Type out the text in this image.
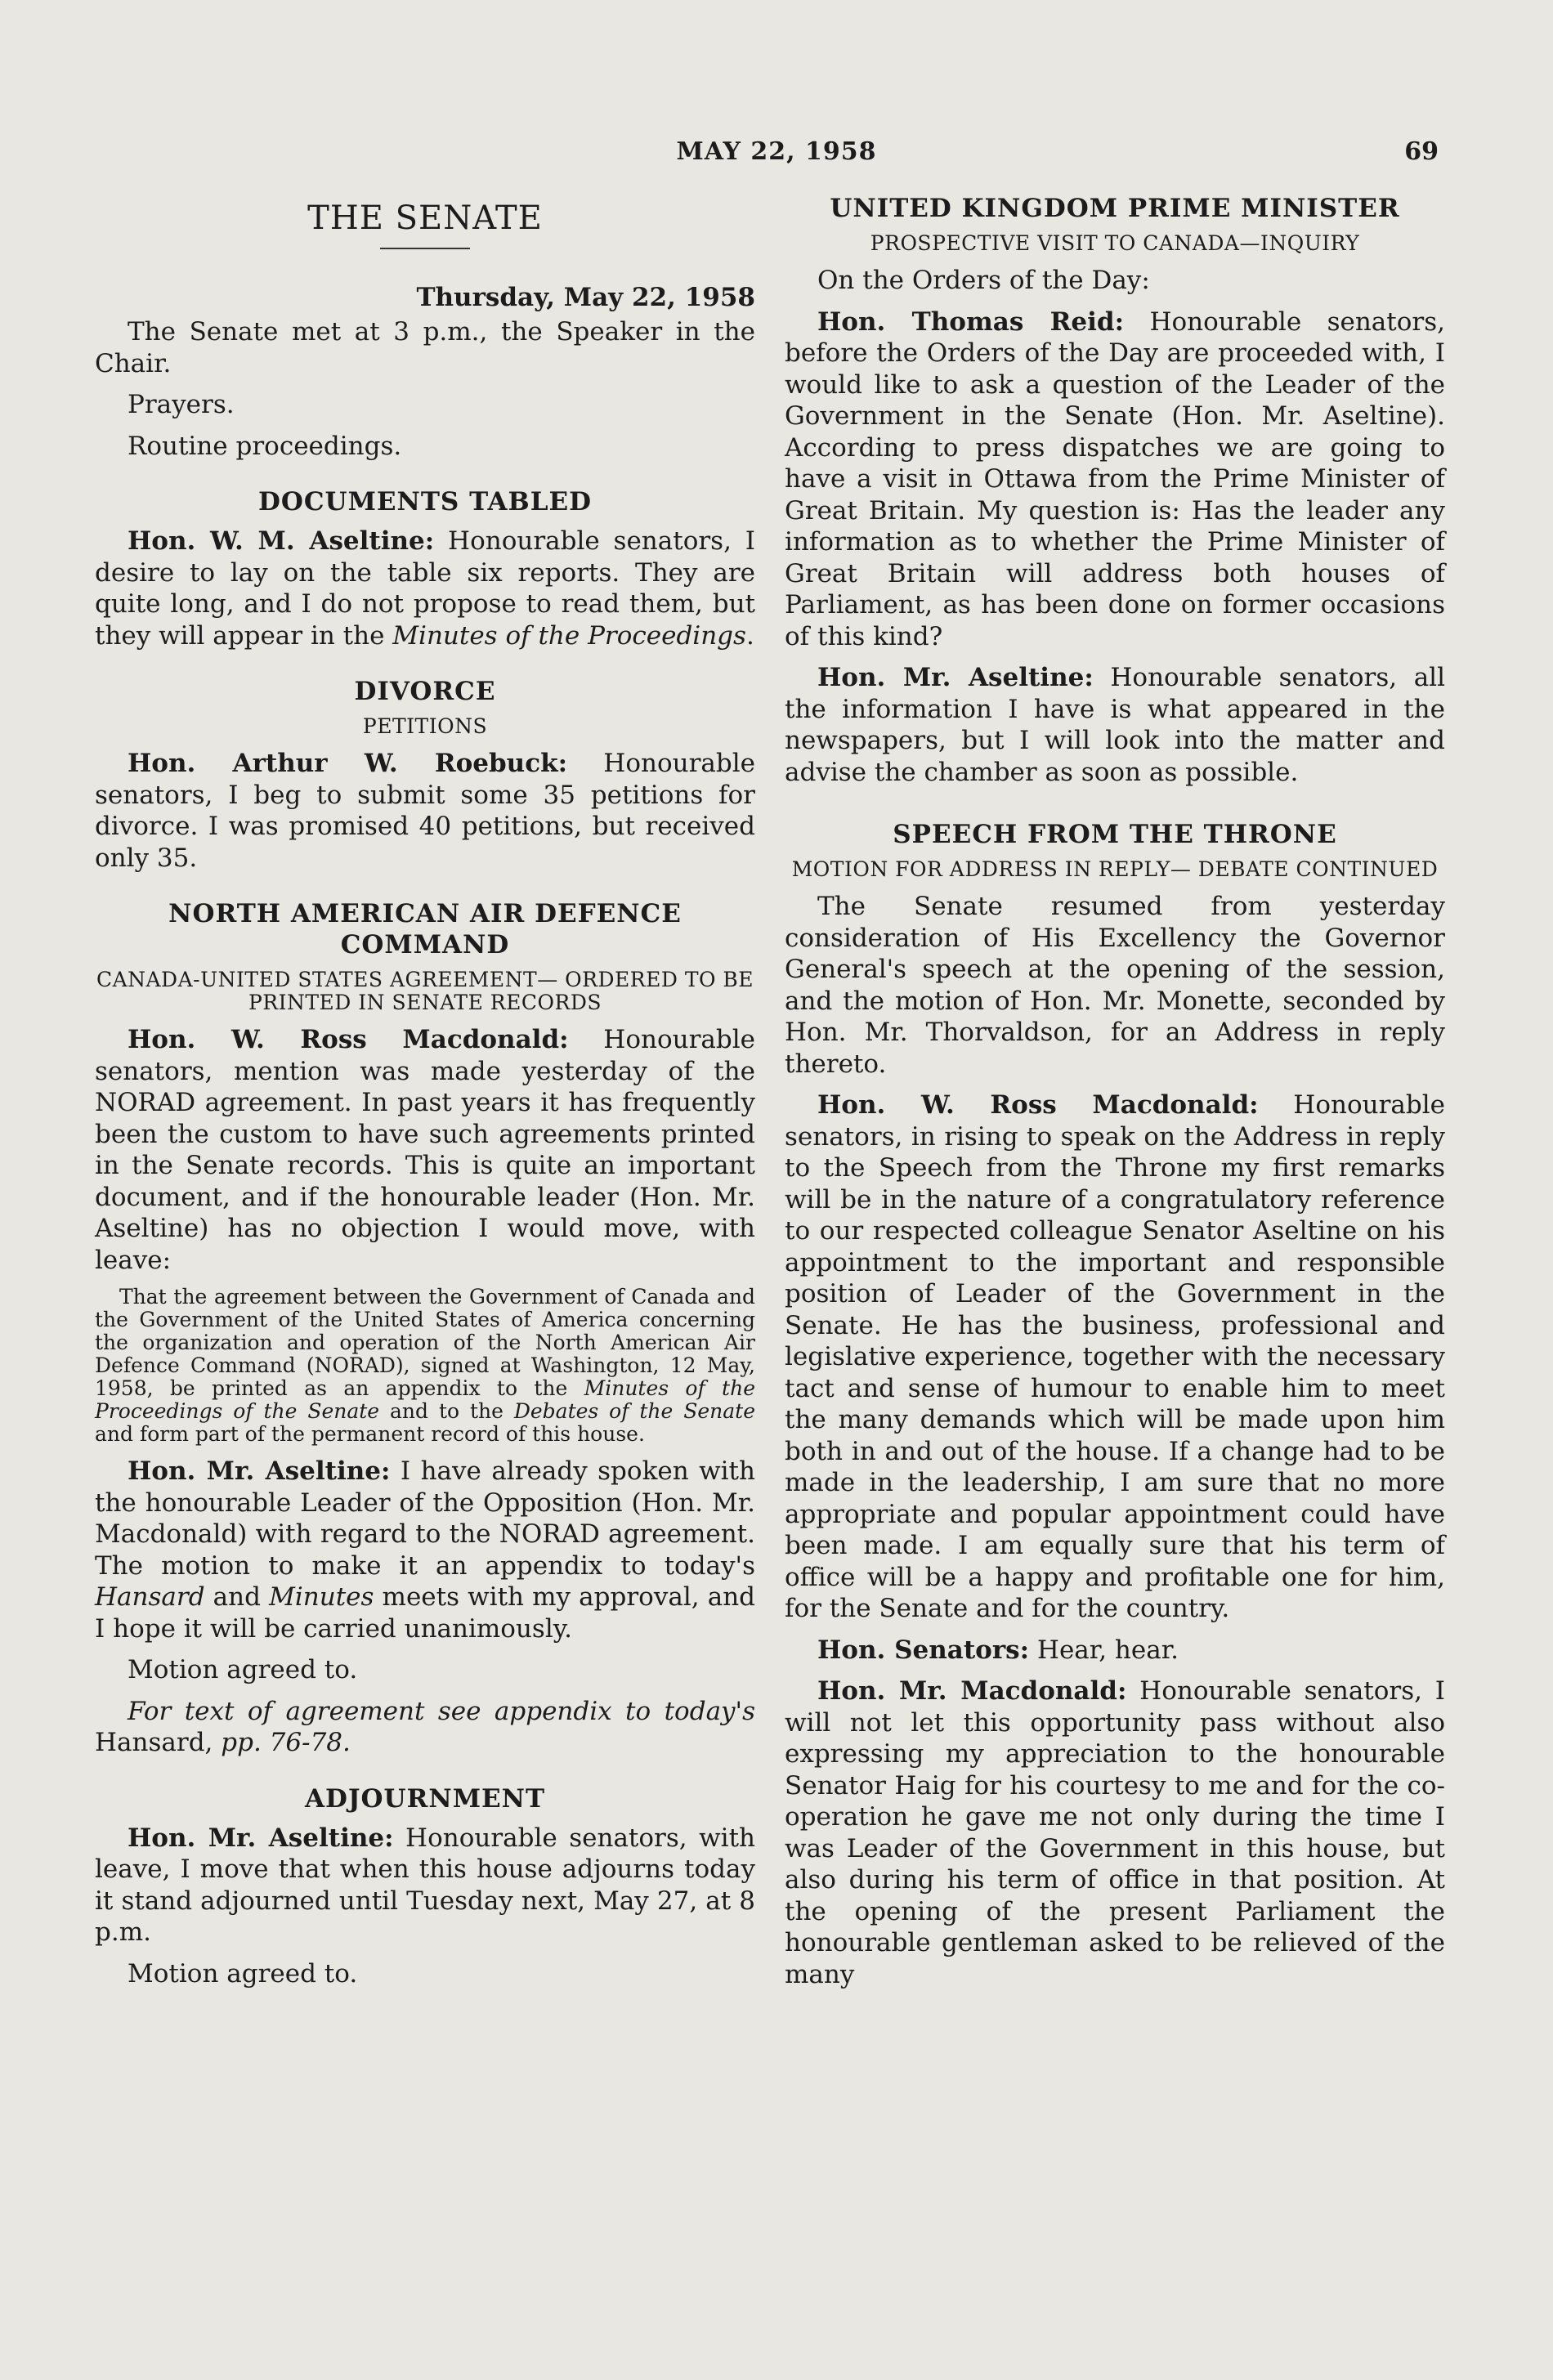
MAY 22, 1958	69
THE SENATE
Thursday, May 22, 1958

The Senate met at 3 p.m., the Speaker in the Chair.

Prayers.

Routine proceedings.

DOCUMENTS TABLED

Hon. W. M. Aseltine: Honourable senators, I desire to lay on the table six reports. They are quite long, and I do not propose to read them, but they will appear in the Minutes of the Proceedings.

DIVORCE
PETITIONS

Hon. Arthur W. Roebuck: Honourable senators, I beg to submit some 35 petitions for divorce. I was promised 40 petitions, but received only 35.

NORTH AMERICAN AIR DEFENCE COMMAND
CANADA-UNITED STATES AGREEMENT— ORDERED TO BE PRINTED IN SENATE RECORDS

Hon. W. Ross Macdonald: Honourable senators, mention was made yesterday of the NORAD agreement. In past years it has frequently been the custom to have such agreements printed in the Senate records. This is quite an important document, and if the honourable leader (Hon. Mr. Aseltine) has no objection I would move, with leave:

That the agreement between the Government of Canada and the Government of the United States of America concerning the organization and operation of the North American Air Defence Command (NORAD), signed at Washington, 12 May, 1958, be printed as an appendix to the Minutes of the Proceedings of the Senate and to the Debates of the Senate and form part of the permanent record of this house.

Hon. Mr. Aseltine: I have already spoken with the honourable Leader of the Opposition (Hon. Mr. Macdonald) with regard to the NORAD agreement. The motion to make it an appendix to today's Hansard and Minutes meets with my approval, and I hope it will be carried unanimously.

Motion agreed to.

For text of agreement see appendix to today's Hansard, pp. 76-78.

ADJOURNMENT

Hon. Mr. Aseltine: Honourable senators, with leave, I move that when this house adjourns today it stand adjourned until Tuesday next, May 27, at 8 p.m.

Motion agreed to.

UNITED KINGDOM PRIME MINISTER
PROSPECTIVE VISIT TO CANADA—INQUIRY

On the Orders of the Day:

Hon. Thomas Reid: Honourable senators, before the Orders of the Day are proceeded with, I would like to ask a question of the Leader of the Government in the Senate (Hon. Mr. Aseltine). According to press dispatches we are going to have a visit in Ottawa from the Prime Minister of Great Britain. My question is: Has the leader any information as to whether the Prime Minister of Great Britain will address both houses of Parliament, as has been done on former occasions of this kind?

Hon. Mr. Aseltine: Honourable senators, all the information I have is what appeared in the newspapers, but I will look into the matter and advise the chamber as soon as possible.

SPEECH FROM THE THRONE
MOTION FOR ADDRESS IN REPLY— DEBATE CONTINUED

The Senate resumed from yesterday consideration of His Excellency the Governor General's speech at the opening of the session, and the motion of Hon. Mr. Monette, seconded by Hon. Mr. Thorvaldson, for an Address in reply thereto.

Hon. W. Ross Macdonald: Honourable senators, in rising to speak on the Address in reply to the Speech from the Throne my first remarks will be in the nature of a congratulatory reference to our respected colleague Senator Aseltine on his appointment to the important and responsible position of Leader of the Government in the Senate. He has the business, professional and legislative experience, together with the necessary tact and sense of humour to enable him to meet the many demands which will be made upon him both in and out of the house. If a change had to be made in the leadership, I am sure that no more appropriate and popular appointment could have been made. I am equally sure that his term of office will be a happy and profitable one for him, for the Senate and for the country.

Hon. Senators: Hear, hear.

Hon. Mr. Macdonald: Honourable senators, I will not let this opportunity pass without also expressing my appreciation to the honourable Senator Haig for his courtesy to me and for the co-operation he gave me not only during the time I was Leader of the Government in this house, but also during his term of office in that position. At the opening of the present Parliament the honourable gentleman asked to be relieved of the many
